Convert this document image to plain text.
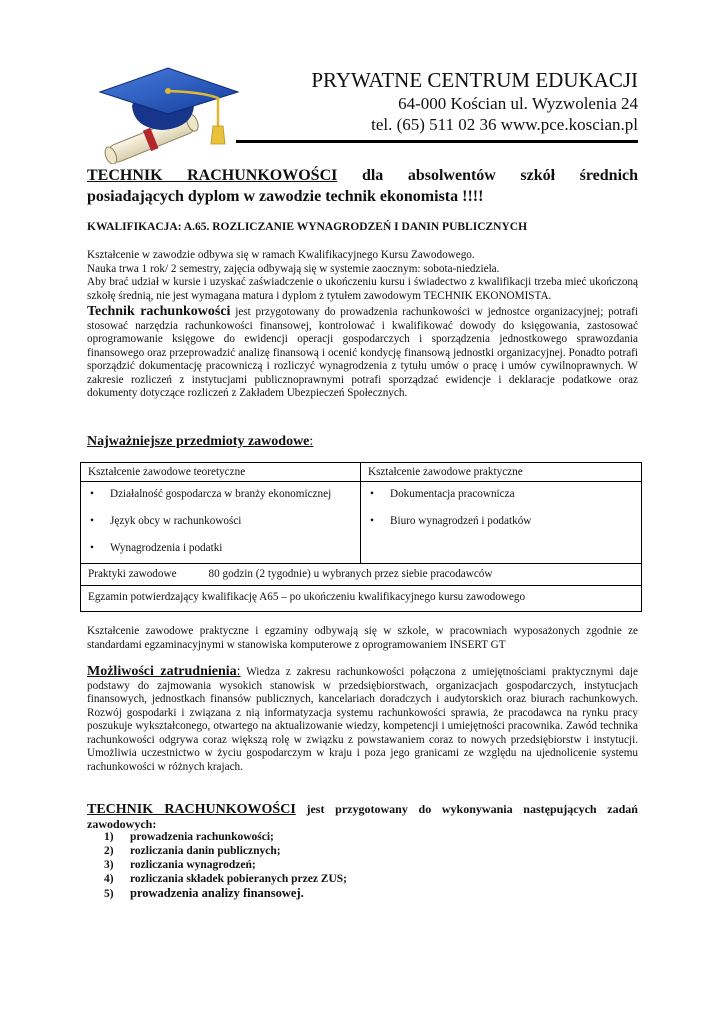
PRYWATNE CENTRUM EDUKACJI
64-000 Kościan ul. Wyzwolenia 24
tel. (65) 511 02 36 www.pce.koscian.pl
TECHNIK RACHUNKOWOŚCI dla absolwentów szkół średnich
posiadających dyplom w zawodzie technik ekonomista !!!!
KWALIFIKACJA: A.65. ROZLICZANIE WYNAGRODZEŃ I DANIN PUBLICZNYCH
Kształcenie w zawodzie odbywa się w ramach Kwalifikacyjnego Kursu Zawodowego.
Nauka trwa 1 rok/ 2 semestry, zajęcia odbywają się w systemie zaocznym: sobota-niedziela.
Aby brać udział w kursie i uzyskać zaświadczenie o ukończeniu kursu i świadectwo z kwalifikacji trzeba mieć ukończoną szkołę średnią, nie jest wymagana matura i dyplom z tytułem zawodowym TECHNIK EKONOMISTA.
Technik rachunkowości jest przygotowany do prowadzenia rachunkowości w jednostce organizacyjnej; potrafi stosować narzędzia rachunkowości finansowej, kontrolować i kwalifikować dowody do księgowania, zastosować oprogramowanie księgowe do ewidencji operacji gospodarczych i sporządzenia jednostkowego sprawozdania finansowego oraz przeprowadzić analizę finansową i ocenić kondycję finansową jednostki organizacyjnej. Ponadto potrafi sporządzić dokumentację pracowniczą i rozliczyć wynagrodzenia z tytułu umów o pracę i umów cywilnoprawnych. W zakresie rozliczeń z instytucjami publicznoprawnymi potrafi sporządzać ewidencje i deklaracje podatkowe oraz dokumenty dotyczące rozliczeń z Zakładem Ubezpieczeń Społecznych.
Najważniejsze przedmioty zawodowe:
Kształcenie zawodowe teoretyczne	Kształcenie zawodowe praktyczne
• Działalność gospodarcza w branży ekonomicznej
• Język obcy w rachunkowości
• Wynagrodzenia i podatki
• Dokumentacja pracownicza
• Biuro wynagrodzeń i podatków
Praktyki zawodowe	80 godzin (2 tygodnie) u wybranych przez siebie pracodawców
Egzamin potwierdzający kwalifikację A65 – po ukończeniu kwalifikacyjnego kursu zawodowego
Kształcenie zawodowe praktyczne i egzaminy odbywają się w szkole, w pracowniach wyposażonych zgodnie ze standardami egzaminacyjnymi w stanowiska komputerowe z oprogramowaniem INSERT GT
Możliwości zatrudnienia: Wiedza z zakresu rachunkowości połączona z umiejętnościami praktycznymi daje podstawy do zajmowania wysokich stanowisk w przedsiębiorstwach, organizacjach gospodarczych, instytucjach finansowych, jednostkach finansów publicznych, kancelariach doradczych i audytorskich oraz biurach rachunkowych. Rozwój gospodarki i związana z nią informatyzacja systemu rachunkowości sprawia, że pracodawca na rynku pracy poszukuje wykształconego, otwartego na aktualizowanie wiedzy, kompetencji i umiejętności pracownika. Zawód technika rachunkowości odgrywa coraz większą rolę w związku z powstawaniem coraz to nowych przedsiębiorstw i instytucji. Umożliwia uczestnictwo w życiu gospodarczym w kraju i poza jego granicami ze względu na ujednolicenie systemu rachunkowości w różnych krajach.
TECHNIK RACHUNKOWOŚCI jest przygotowany do wykonywania następujących zadań zawodowych:
1) prowadzenia rachunkowości;
2) rozliczania danin publicznych;
3) rozliczania wynagrodzeń;
4) rozliczania składek pobieranych przez ZUS;
5) prowadzenia analizy finansowej.
